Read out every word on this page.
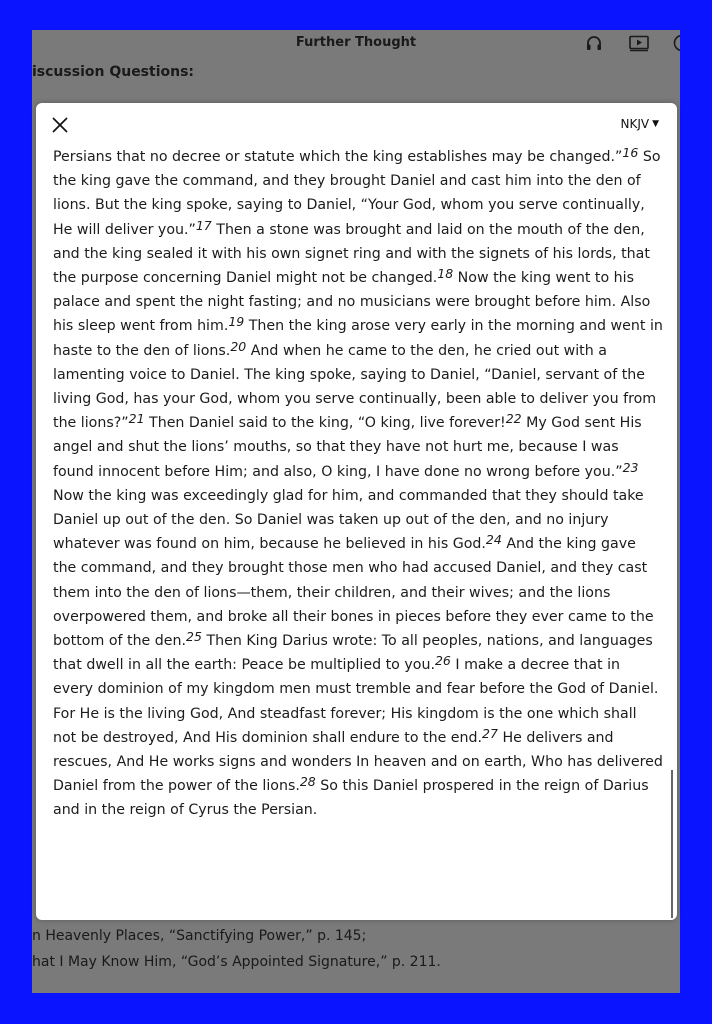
Further Thought
iscussion Questions:
n Heavenly Places, “Sanctifying Power,” p. 145;
hat I May Know Him, “God’s Appointed Signature,” p. 211.
NKJV ▼

Persians that no decree or statute which the king establishes may be changed.”16 So the king gave the command, and they brought Daniel and cast him into the den of lions. But the king spoke, saying to Daniel, “Your God, whom you serve continually, He will deliver you.”17 Then a stone was brought and laid on the mouth of the den, and the king sealed it with his own signet ring and with the signets of his lords, that the purpose concerning Daniel might not be changed.18 Now the king went to his palace and spent the night fasting; and no musicians were brought before him. Also his sleep went from him.19 Then the king arose very early in the morning and went in haste to the den of lions.20 And when he came to the den, he cried out with a lamenting voice to Daniel. The king spoke, saying to Daniel, “Daniel, servant of the living God, has your God, whom you serve continually, been able to deliver you from the lions?”21 Then Daniel said to the king, “O king, live forever!22 My God sent His angel and shut the lions’ mouths, so that they have not hurt me, because I was found innocent before Him; and also, O king, I have done no wrong before you.”23 Now the king was exceedingly glad for him, and commanded that they should take Daniel up out of the den. So Daniel was taken up out of the den, and no injury whatever was found on him, because he believed in his God.24 And the king gave the command, and they brought those men who had accused Daniel, and they cast them into the den of lions—them, their children, and their wives; and the lions overpowered them, and broke all their bones in pieces before they ever came to the bottom of the den.25 Then King Darius wrote: To all peoples, nations, and languages that dwell in all the earth: Peace be multiplied to you.26 I make a decree that in every dominion of my kingdom men must tremble and fear before the God of Daniel. For He is the living God, And steadfast forever; His kingdom is the one which shall not be destroyed, And His dominion shall endure to the end.27 He delivers and rescues, And He works signs and wonders In heaven and on earth, Who has delivered Daniel from the power of the lions.28 So this Daniel prospered in the reign of Darius and in the reign of Cyrus the Persian.
